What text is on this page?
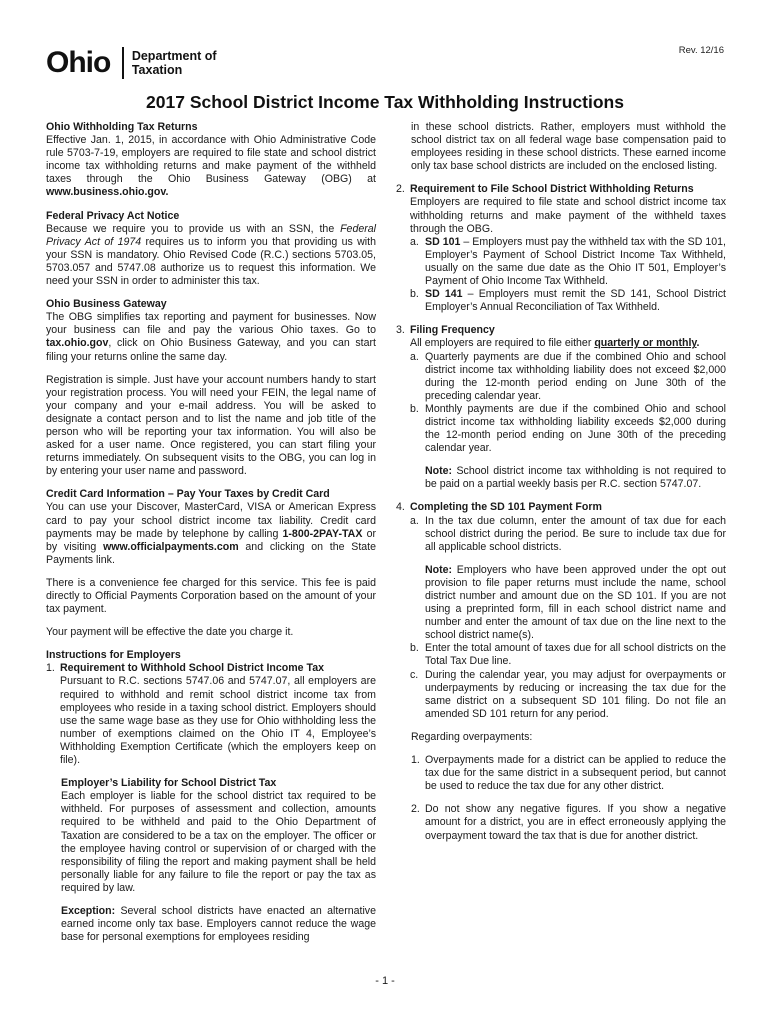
Ohio Department of
Taxation
Rev. 12/16
2017 School District Income Tax Withholding Instructions
Ohio Withholding Tax Returns

Effective Jan. 1, 2015, in accordance with Ohio Administrative Code rule 5703-7-19, employers are required to file state and school district income tax withholding returns and make payment of the withheld taxes through the Ohio Business Gateway (OBG) at www.business.ohio.gov.

Federal Privacy Act Notice

Because we require you to provide us with an SSN, the Federal Privacy Act of 1974 requires us to inform you that providing us with your SSN is mandatory. Ohio Revised Code (R.C.) sections 5703.05, 5703.057 and 5747.08 authorize us to request this information. We need your SSN in order to administer this tax.

Ohio Business Gateway

The OBG simplifies tax reporting and payment for businesses. Now your business can file and pay the various Ohio taxes. Go to tax.ohio.gov, click on Ohio Business Gateway, and you can start filing your returns online the same day.

Registration is simple. Just have your account numbers handy to start your registration process. You will need your FEIN, the legal name of your company and your e-mail address. You will be asked to designate a contact person and to list the name and job title of the person who will be reporting your tax information. You will also be asked for a user name. Once registered, you can start filing your returns immediately. On subsequent visits to the OBG, you can log in by entering your user name and password.

Credit Card Information – Pay Your Taxes by Credit Card

You can use your Discover, MasterCard, VISA or American Express card to pay your school district income tax liability. Credit card payments may be made by telephone by calling 1-800-2PAY-TAX or by visiting www.officialpayments.com and clicking on the State Payments link.

There is a convenience fee charged for this service. This fee is paid directly to Official Payments Corporation based on the amount of your tax payment.

Your payment will be effective the date you charge it.

Instructions for Employers
1. Requirement to Withhold School District Income Tax

Pursuant to R.C. sections 5747.06 and 5747.07, all employers are required to withhold and remit school district income tax from employees who reside in a taxing school district. Employers should use the same wage base as they use for Ohio withholding less the number of exemptions claimed on the Ohio IT 4, Employee’s Withholding Exemption Certificate (which the employers keep on file).

Employer’s Liability for School District Tax

Each employer is liable for the school district tax required to be withheld. For purposes of assessment and collection, amounts required to be withheld and paid to the Ohio Department of Taxation are considered to be a tax on the employer. The officer or the employee having control or supervision of or charged with the responsibility of filing the report and making payment shall be held personally liable for any failure to file the report or pay the tax as required by law.

Exception: Several school districts have enacted an alternative earned income only tax base. Employers cannot reduce the wage base for personal exemptions for employees residing

in these school districts. Rather, employers must withhold the school district tax on all federal wage base compensation paid to employees residing in these school districts. These earned income only tax base school districts are included on the enclosed listing.

2. Requirement to File School District Withholding Returns

Employers are required to file state and school district income tax withholding returns and make payment of the withheld taxes through the OBG.

a. SD 101 – Employers must pay the withheld tax with the SD 101, Employer’s Payment of School District Income Tax Withheld, usually on the same due date as the Ohio IT 501, Employer’s Payment of Ohio Income Tax Withheld.

b. SD 141 – Employers must remit the SD 141, School District Employer’s Annual Reconciliation of Tax Withheld.

3. Filing Frequency

All employers are required to file either quarterly or monthly.

a. Quarterly payments are due if the combined Ohio and school district income tax withholding liability does not exceed $2,000 during the 12-month period ending on June 30th of the preceding calendar year.

b. Monthly payments are due if the combined Ohio and school district income tax withholding liability exceeds $2,000 during the 12-month period ending on June 30th of the preceding calendar year.

Note: School district income tax withholding is not required to be paid on a partial weekly basis per R.C. section 5747.07.

4. Completing the SD 101 Payment Form
a. In the tax due column, enter the amount of tax due for each school district during the period. Be sure to include tax due for all applicable school districts.

Note: Employers who have been approved under the opt out provision to file paper returns must include the name, school district number and amount due on the SD 101. If you are not using a preprinted form, fill in each school district name and number and enter the amount of tax due on the line next to the school district name(s).

b. Enter the total amount of taxes due for all school districts on the Total Tax Due line.

c. During the calendar year, you may adjust for overpayments or underpayments by reducing or increasing the tax due for the same district on a subsequent SD 101 filing. Do not file an amended SD 101 return for any period.

Regarding overpayments:
1. Overpayments made for a district can be applied to reduce the tax due for the same district in a subsequent period, but cannot be used to reduce the tax due for any other district.

2. Do not show any negative figures. If you show a negative amount for a district, you are in effect erroneously applying the overpayment toward the tax that is due for another district.

- 1 -
